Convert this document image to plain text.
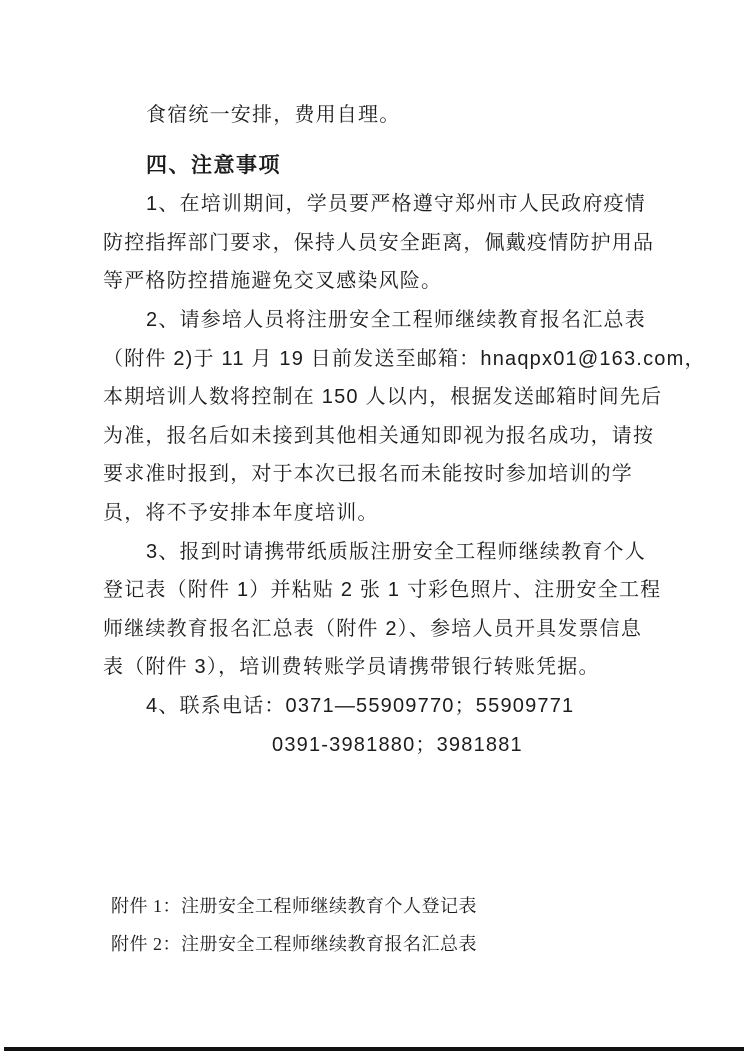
食宿统一安排，费用自理。
四、注意事项
1、在培训期间，学员要严格遵守郑州市人民政府疫情
防控指挥部门要求，保持人员安全距离，佩戴疫情防护用品
等严格防控措施避免交叉感染风险。
2、请参培人员将注册安全工程师继续教育报名汇总表
（附件 2)于 11 月 19 日前发送至邮箱：hnaqpx01@163.com，
本期培训人数将控制在 150 人以内，根据发送邮箱时间先后
为准，报名后如未接到其他相关通知即视为报名成功，请按
要求准时报到，对于本次已报名而未能按时参加培训的学
员，将不予安排本年度培训。
3、报到时请携带纸质版注册安全工程师继续教育个人
登记表（附件 1）并粘贴 2 张 1 寸彩色照片、注册安全工程
师继续教育报名汇总表（附件 2）、参培人员开具发票信息
表（附件 3），培训费转账学员请携带银行转账凭据。
4、联系电话：0371—55909770；55909771
0391-3981880；3981881
附件 1：注册安全工程师继续教育个人登记表
附件 2：注册安全工程师继续教育报名汇总表
